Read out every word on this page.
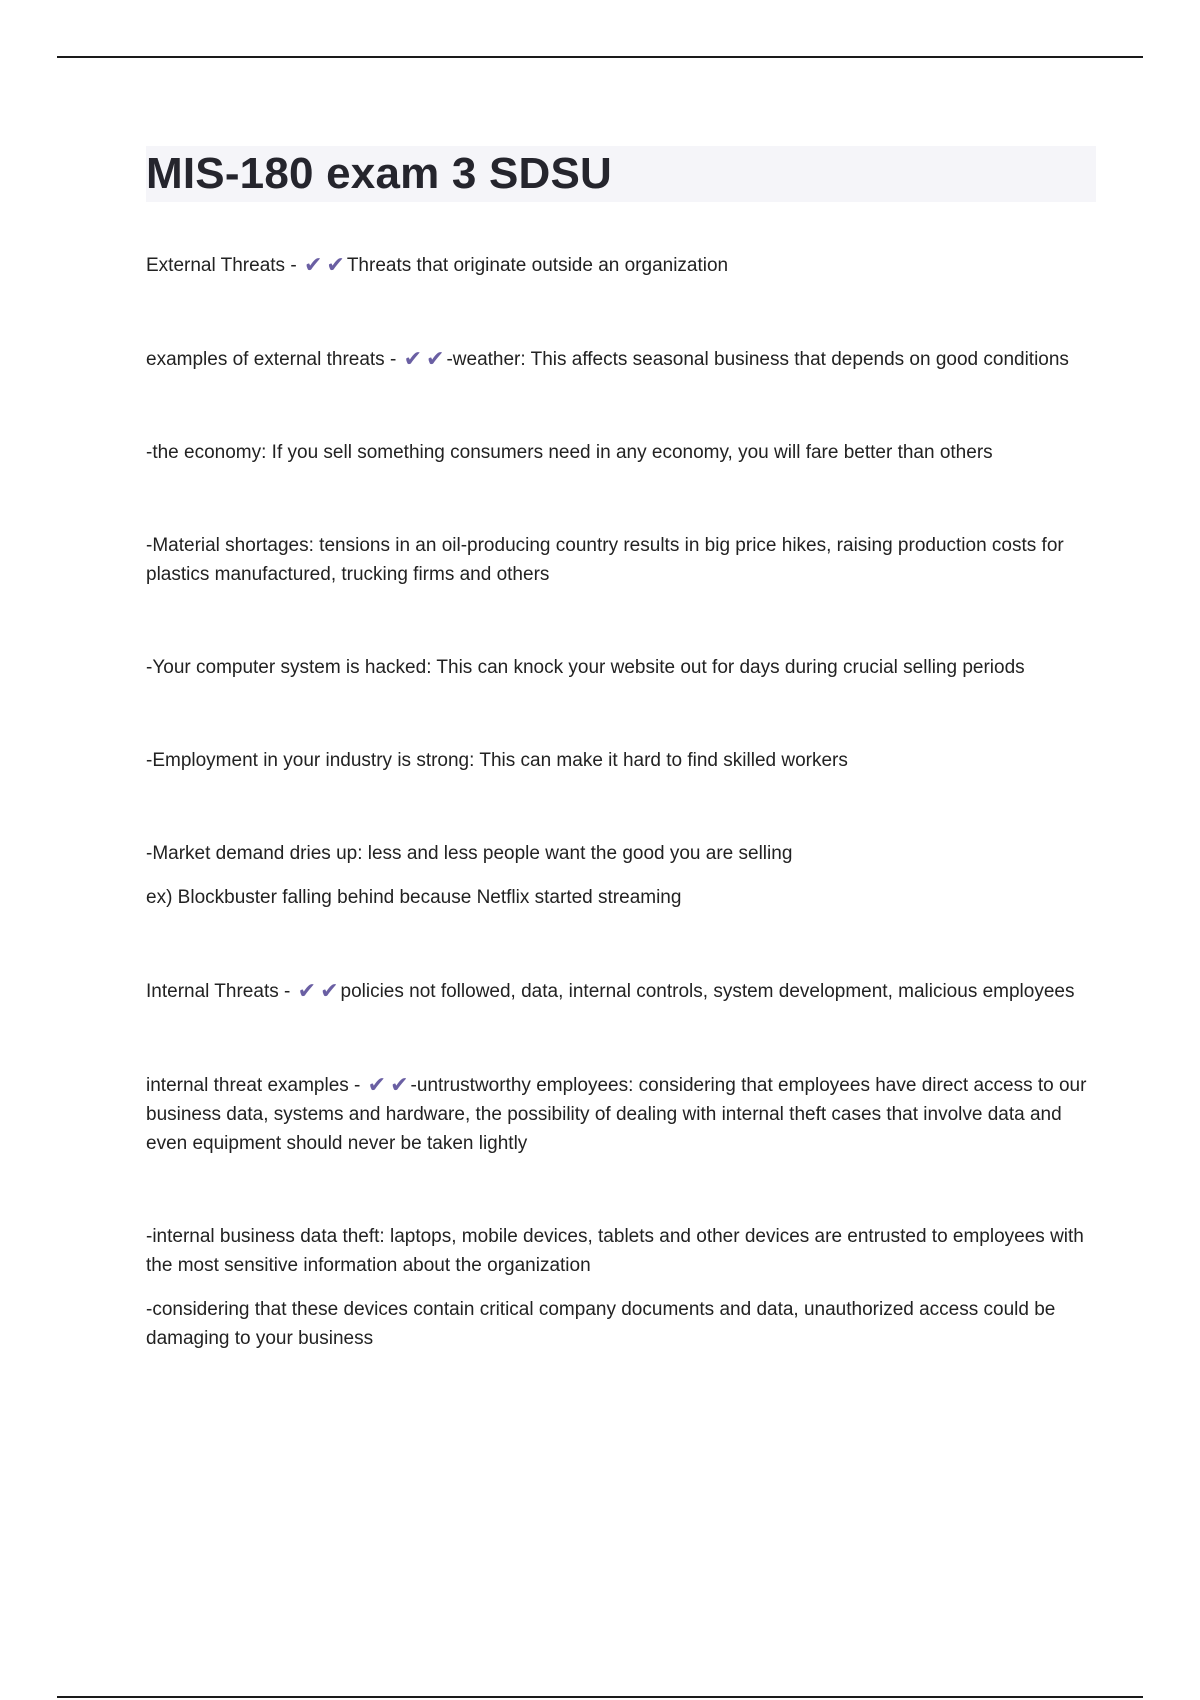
MIS-180 exam 3 SDSU

External Threats - ✔ ✔ Threats that originate outside an organization

examples of external threats - ✔ ✔ -weather: This affects seasonal business that depends on good conditions

-the economy: If you sell something consumers need in any economy, you will fare better than others

-Material shortages: tensions in an oil-producing country results in big price hikes, raising production costs for plastics manufactured, trucking firms and others

-Your computer system is hacked: This can knock your website out for days during crucial selling periods

-Employment in your industry is strong: This can make it hard to find skilled workers

-Market demand dries up: less and less people want the good you are selling

ex) Blockbuster falling behind because Netflix started streaming

Internal Threats - ✔ ✔ policies not followed, data, internal controls, system development, malicious employees

internal threat examples - ✔ ✔ -untrustworthy employees: considering that employees have direct access to our business data, systems and hardware, the possibility of dealing with internal theft cases that involve data and even equipment should never be taken lightly

-internal business data theft: laptops, mobile devices, tablets and other devices are entrusted to employees with the most sensitive information about the organization

-considering that these devices contain critical company documents and data, unauthorized access could be damaging to your business
